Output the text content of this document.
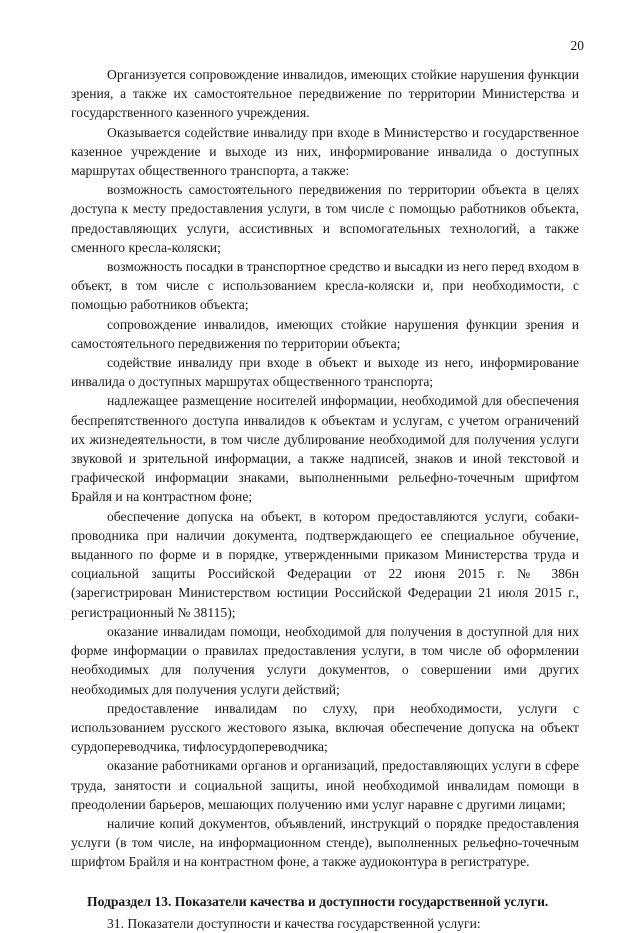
20

Организуется сопровождение инвалидов, имеющих стойкие нарушения функции зрения, а также их самостоятельное передвижение по территории Министерства и государственного казенного учреждения.

Оказывается содействие инвалиду при входе в Министерство и государственное казенное учреждение и выходе из них, информирование инвалида о доступных маршрутах общественного транспорта, а также:

возможность самостоятельного передвижения по территории объекта в целях доступа к месту предоставления услуги, в том числе с помощью работников объекта, предоставляющих услуги, ассистивных и вспомогательных технологий, а также сменного кресла-коляски;

возможность посадки в транспортное средство и высадки из него перед входом в объект, в том числе с использованием кресла-коляски и, при необходимости, с помощью работников объекта;

сопровождение инвалидов, имеющих стойкие нарушения функции зрения и самостоятельного передвижения по территории объекта;

содействие инвалиду при входе в объект и выходе из него, информирование инвалида о доступных маршрутах общественного транспорта;

надлежащее размещение носителей информации, необходимой для обеспечения беспрепятственного доступа инвалидов к объектам и услугам, с учетом ограничений их жизнедеятельности, в том числе дублирование необходимой для получения услуги звуковой и зрительной информации, а также надписей, знаков и иной текстовой и графической информации знаками, выполненными рельефно-точечным шрифтом Брайля и на контрастном фоне;

обеспечение допуска на объект, в котором предоставляются услуги, собаки-проводника при наличии документа, подтверждающего ее специальное обучение, выданного по форме и в порядке, утвержденными приказом Министерства труда и социальной защиты Российской Федерации от 22 июня 2015 г. № 386н (зарегистрирован Министерством юстиции Российской Федерации 21 июля 2015 г., регистрационный № 38115);

оказание инвалидам помощи, необходимой для получения в доступной для них форме информации о правилах предоставления услуги, в том числе об оформлении необходимых для получения услуги документов, о совершении ими других необходимых для получения услуги действий;

предоставление инвалидам по слуху, при необходимости, услуги с использованием русского жестового языка, включая обеспечение допуска на объект сурдопереводчика, тифлосурдопереводчика;

оказание работниками органов и организаций, предоставляющих услуги в сфере труда, занятости и социальной защиты, иной необходимой инвалидам помощи в преодолении барьеров, мешающих получению ими услуг наравне с другими лицами;

наличие копий документов, объявлений, инструкций о порядке предоставления услуги (в том числе, на информационном стенде), выполненных рельефно-точечным шрифтом Брайля и на контрастном фоне, а также аудиоконтура в регистратуре.

Подраздел 13. Показатели качества и доступности государственной услуги.

31. Показатели доступности и качества государственной услуги:
